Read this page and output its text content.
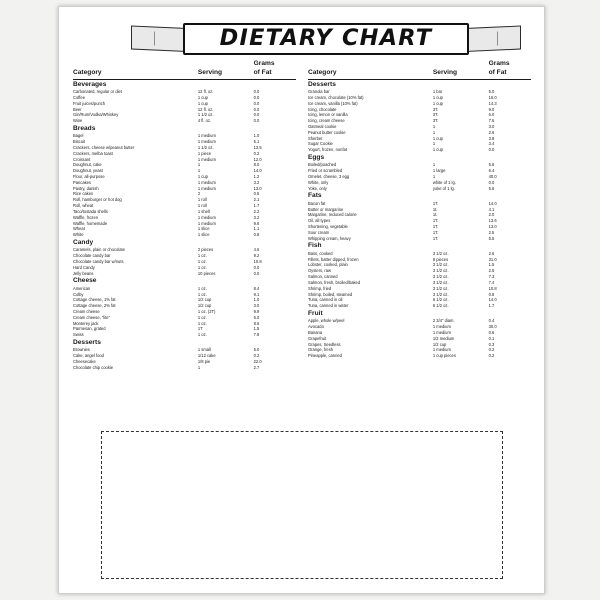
DIETARY CHART
		Grams
Category	Serving	of Fat

Beverages		
Carbonated, regular or diet	12 fl. oz.	0.0
Coffee	1 cup	0.0
Fruit juices/punch	1 cup	0.0
Beer	12 fl. oz.	0.0
Gin/Rum/Vodka/Whiskey	1 1/2 oz.	0.0
Wine	4 fl. oz.	0.0
Breads		
Bagel	1 medium	1.0
Biscuit	1 medium	5.1
Crackers, cheese w/peanut butter	1 1/2 oz.	13.5
Crackers, melba toast	1 piece	0.2
Croissant	1 medium	12.0
Doughnut, cake	1	8.0
Doughnut, yeast	1	14.0
Flour, all-purpose	1 cup	1.2
Pancakes	1 medium	3.2
Pastry, danish	1 medium	13.0
Rice cakes	2	0.5
Roll, hamburger or hot dog	1 roll	2.1
Roll, wheat	1 roll	1.7
Taco/tostada shells	1 shell	2.2
Waffle, frozen	1 medium	3.2
Waffle, homemade	1 medium	9.6
Wheat	1 slice	1.1
White	1 slice	0.8
Candy		
Caramels, plain or chocolate	2 pieces	4.6
Chocolate candy bar	1 oz.	9.2
Chocolate candy bar w/nuts	1 oz.	10.8
Hard Candy	1 oz.	0.0
Jelly beans	10 pieces	0.0
Cheese		
American	1 oz.	8.4
Colby	1 oz.	9.1
Cottage cheese, 1% fat	1/2 cup	1.0
Cottage cheese, 2% fat	1/2 cup	3.0
Cream cheese	1 oz. (2T)	9.9
Cream cheese, "lite"	1 oz.	5.0
Monterey jack	1 oz.	8.6
Parmesan, grated	1T	1.5
Swiss	1 oz.	7.8
Desserts		
Brownies	1 small	5.0
Cake, angel food	1/12 cake	0.2
Cheesecake	1/8 pie	22.0
Chocolate chip cookie	1	2.7
		Grams
Category	Serving	of Fat

Desserts		
Granola bar	1 bar	5.0
Ice cream, chocolate (10% fat)	1 cup	16.0
Ice cream, vanilla (10% fat)	1 cup	14.3
Icing, chocolate	3T.	9.0
Icing, lemon or vanilla	3T.	6.0
Icing, cream cheese	3T.	7.6
Oatmeal cookie	1	3.0
Peanut butter cookie	1	2.6
Sherbet	1 cup	3.8
Sugar Cookie	1	3.4
Yogurt, frozen, nonfat	1 cup	0.0
Eggs		
Boiled/poached	1	5.6
Fried or scrambled	1 large	6.4
Omelet, cheese, 3 egg	1	40.0
White, only	white of 1 lg.	0.0
Yoke, only	yoke of 1 lg.	5.6
Fats		
Bacon fat	1T.	14.0
Butter or margarine	1t.	4.1
Margarine, reduced calorie	1t.	2.0
Oil, all types	1T.	13.6
Shortening, vegetable	1T.	13.0
Sour cream	1T.	2.5
Whipping cream, heavy	1T.	5.5
Fish		
Bass, cooked	3 1/2 oz.	2.6
Fillets, batter dipped, frozen	8 pieces	31.0
Lobster, cooked, plain	3 1/2 oz.	1.5
Oysters, raw	3 1/2 oz.	2.5
Salmon, canned	3 1/2 oz.	7.3
Salmon, fresh, broiled/baked	3 1/2 oz.	7.4
Shrimp, fried	3 1/2 oz.	10.8
Shrimp, boiled, steamed	3 1/2 oz.	0.8
Tuna, canned in oil	6 1/2 oz.	14.0
Tuna, canned in water	6 1/2 oz.	1.7
Fruit		
Apple, whole w/peel	2 3/4" diam.	0.4
Avocado	1 medium	30.0
Banana	1 medium	0.6
Grapefruit	1/2 medium	0.1
Grapes, Seedless	1/2 cup	0.3
Orange, fresh	1 medium	0.2
Pineapple, canned	1 cup pieces	0.2
